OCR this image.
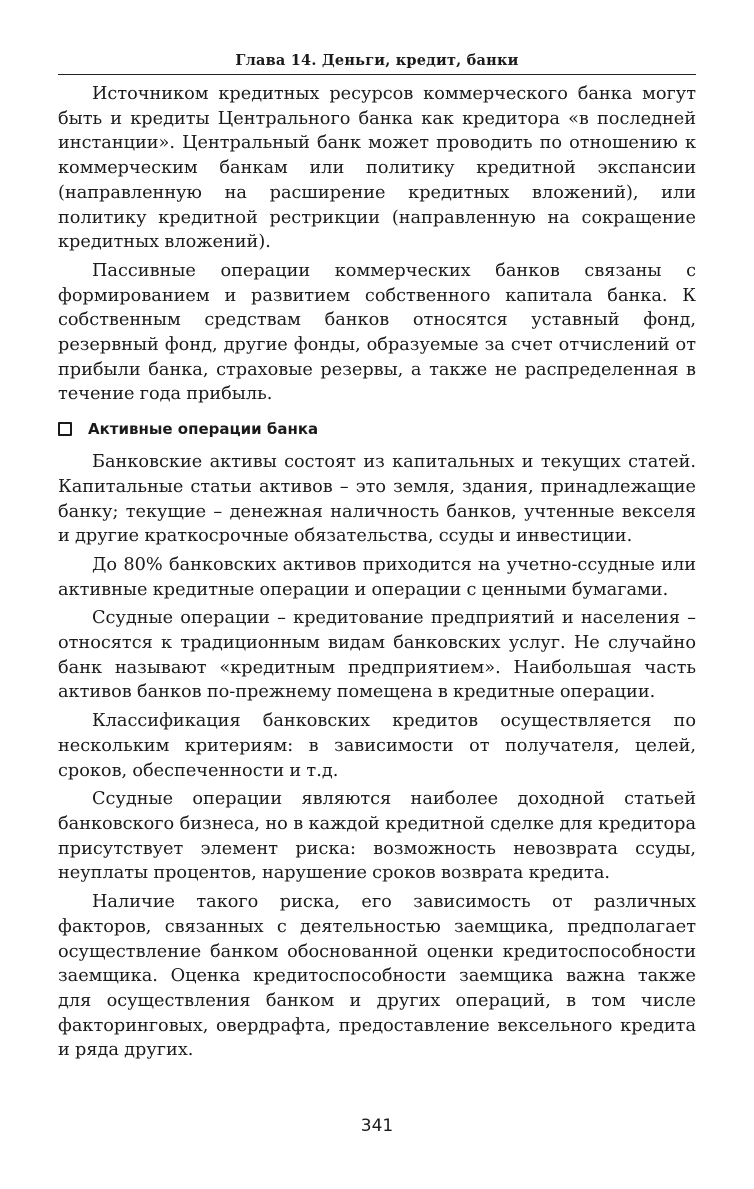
Глава 14. Деньги, кредит, банки

Источником кредитных ресурсов коммерческого банка могут быть и кредиты Центрального банка как кредитора «в последней инстанции». Центральный банк может проводить по отношению к коммерческим банкам или политику кредитной экспансии (направленную на расширение кредитных вложений), или политику кредитной рестрикции (направленную на сокращение кредитных вложений).

Пассивные операции коммерческих банков связаны с формированием и развитием собственного капитала банка. К собственным средствам банков относятся уставный фонд, резервный фонд, другие фонды, образуемые за счет отчислений от прибыли банка, страховые резервы, а также не распределенная в течение года прибыль.

Активные операции банка

Банковские активы состоят из капитальных и текущих статей. Капитальные статьи активов – это земля, здания, принадлежащие банку; текущие – денежная наличность банков, учтенные векселя и другие краткосрочные обязательства, ссуды и инвестиции.

До 80% банковских активов приходится на учетно-ссудные или активные кредитные операции и операции с ценными бумагами.

Ссудные операции – кредитование предприятий и населения – относятся к традиционным видам банковских услуг. Не случайно банк называют «кредитным предприятием». Наибольшая часть активов банков по-прежнему помещена в кредитные операции.

Классификация банковских кредитов осуществляется по нескольким критериям: в зависимости от получателя, целей, сроков, обеспеченности и т.д.

Ссудные операции являются наиболее доходной статьей банковского бизнеса, но в каждой кредитной сделке для кредитора присутствует элемент риска: возможность невозврата ссуды, неуплаты процентов, нарушение сроков возврата кредита.

Наличие такого риска, его зависимость от различных факторов, связанных с деятельностью заемщика, предполагает осуществление банком обоснованной оценки кредитоспособности заемщика. Оценка кредитоспособности заемщика важна также для осуществления банком и других операций, в том числе факторинговых, овердрафта, предоставление вексельного кредита и ряда других.

341
